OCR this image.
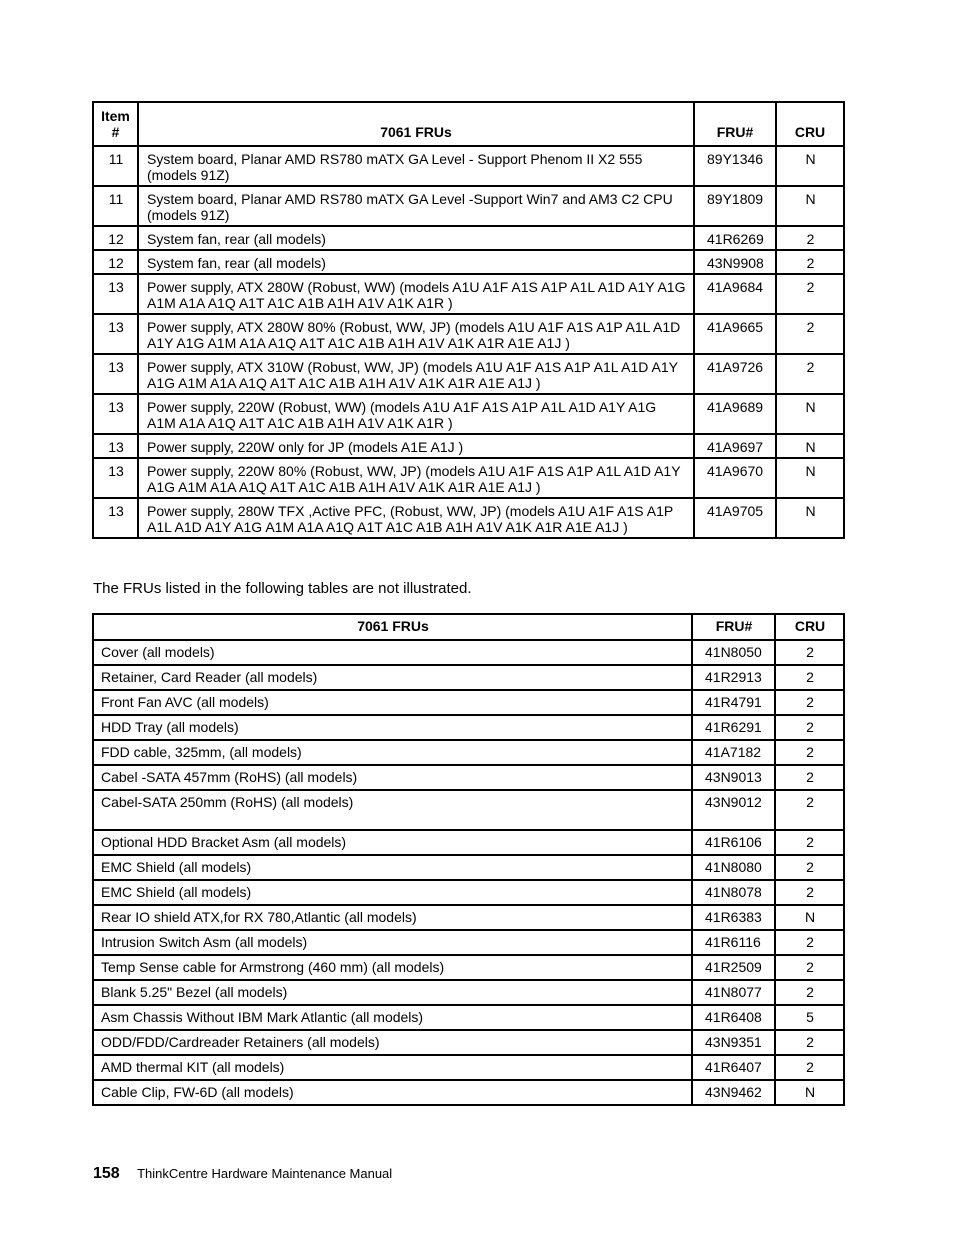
Item #	7061 FRUs	FRU#	CRU
11	System board, Planar AMD RS780 mATX GA Level - Support Phenom II X2 555 (models 91Z)	89Y1346	N
11	System board, Planar AMD RS780 mATX GA Level -Support Win7 and AM3 C2 CPU (models 91Z)	89Y1809	N
12	System fan, rear (all models)	41R6269	2
12	System fan, rear (all models)	43N9908	2
13	Power supply, ATX 280W (Robust, WW) (models A1U A1F A1S A1P A1L A1D A1Y A1G A1M A1A A1Q A1T A1C A1B A1H A1V A1K A1R )	41A9684	2
13	Power supply, ATX 280W 80% (Robust, WW, JP) (models A1U A1F A1S A1P A1L A1D A1Y A1G A1M A1A A1Q A1T A1C A1B A1H A1V A1K A1R A1E A1J )	41A9665	2
13	Power supply, ATX 310W (Robust, WW, JP) (models A1U A1F A1S A1P A1L A1D A1Y A1G A1M A1A A1Q A1T A1C A1B A1H A1V A1K A1R A1E A1J )	41A9726	2
13	Power supply, 220W (Robust, WW) (models A1U A1F A1S A1P A1L A1D A1Y A1G A1M A1A A1Q A1T A1C A1B A1H A1V A1K A1R )	41A9689	N
13	Power supply, 220W only for JP (models A1E A1J )	41A9697	N
13	Power supply, 220W 80% (Robust, WW, JP) (models A1U A1F A1S A1P A1L A1D A1Y A1G A1M A1A A1Q A1T A1C A1B A1H A1V A1K A1R A1E A1J )	41A9670	N
13	Power supply, 280W TFX ,Active PFC, (Robust, WW, JP) (models A1U A1F A1S A1P A1L A1D A1Y A1G A1M A1A A1Q A1T A1C A1B A1H A1V A1K A1R A1E A1J )	41A9705	N

The FRUs listed in the following tables are not illustrated.

7061 FRUs	FRU#	CRU
Cover (all models)	41N8050	2
Retainer, Card Reader (all models)	41R2913	2
Front Fan AVC (all models)	41R4791	2
HDD Tray (all models)	41R6291	2
FDD cable, 325mm, (all models)	41A7182	2
Cabel -SATA 457mm (RoHS) (all models)	43N9013	2
Cabel-SATA 250mm (RoHS) (all models)	43N9012	2
Optional HDD Bracket Asm (all models)	41R6106	2
EMC Shield (all models)	41N8080	2
EMC Shield (all models)	41N8078	2
Rear IO shield ATX,for RX 780,Atlantic (all models)	41R6383	N
Intrusion Switch Asm (all models)	41R6116	2
Temp Sense cable for Armstrong (460 mm) (all models)	41R2509	2
Blank 5.25" Bezel (all models)	41N8077	2
Asm Chassis Without IBM Mark Atlantic (all models)	41R6408	5
ODD/FDD/Cardreader Retainers (all models)	43N9351	2
AMD thermal KIT (all models)	41R6407	2
Cable Clip, FW-6D (all models)	43N9462	N
158 ThinkCentre Hardware Maintenance Manual
